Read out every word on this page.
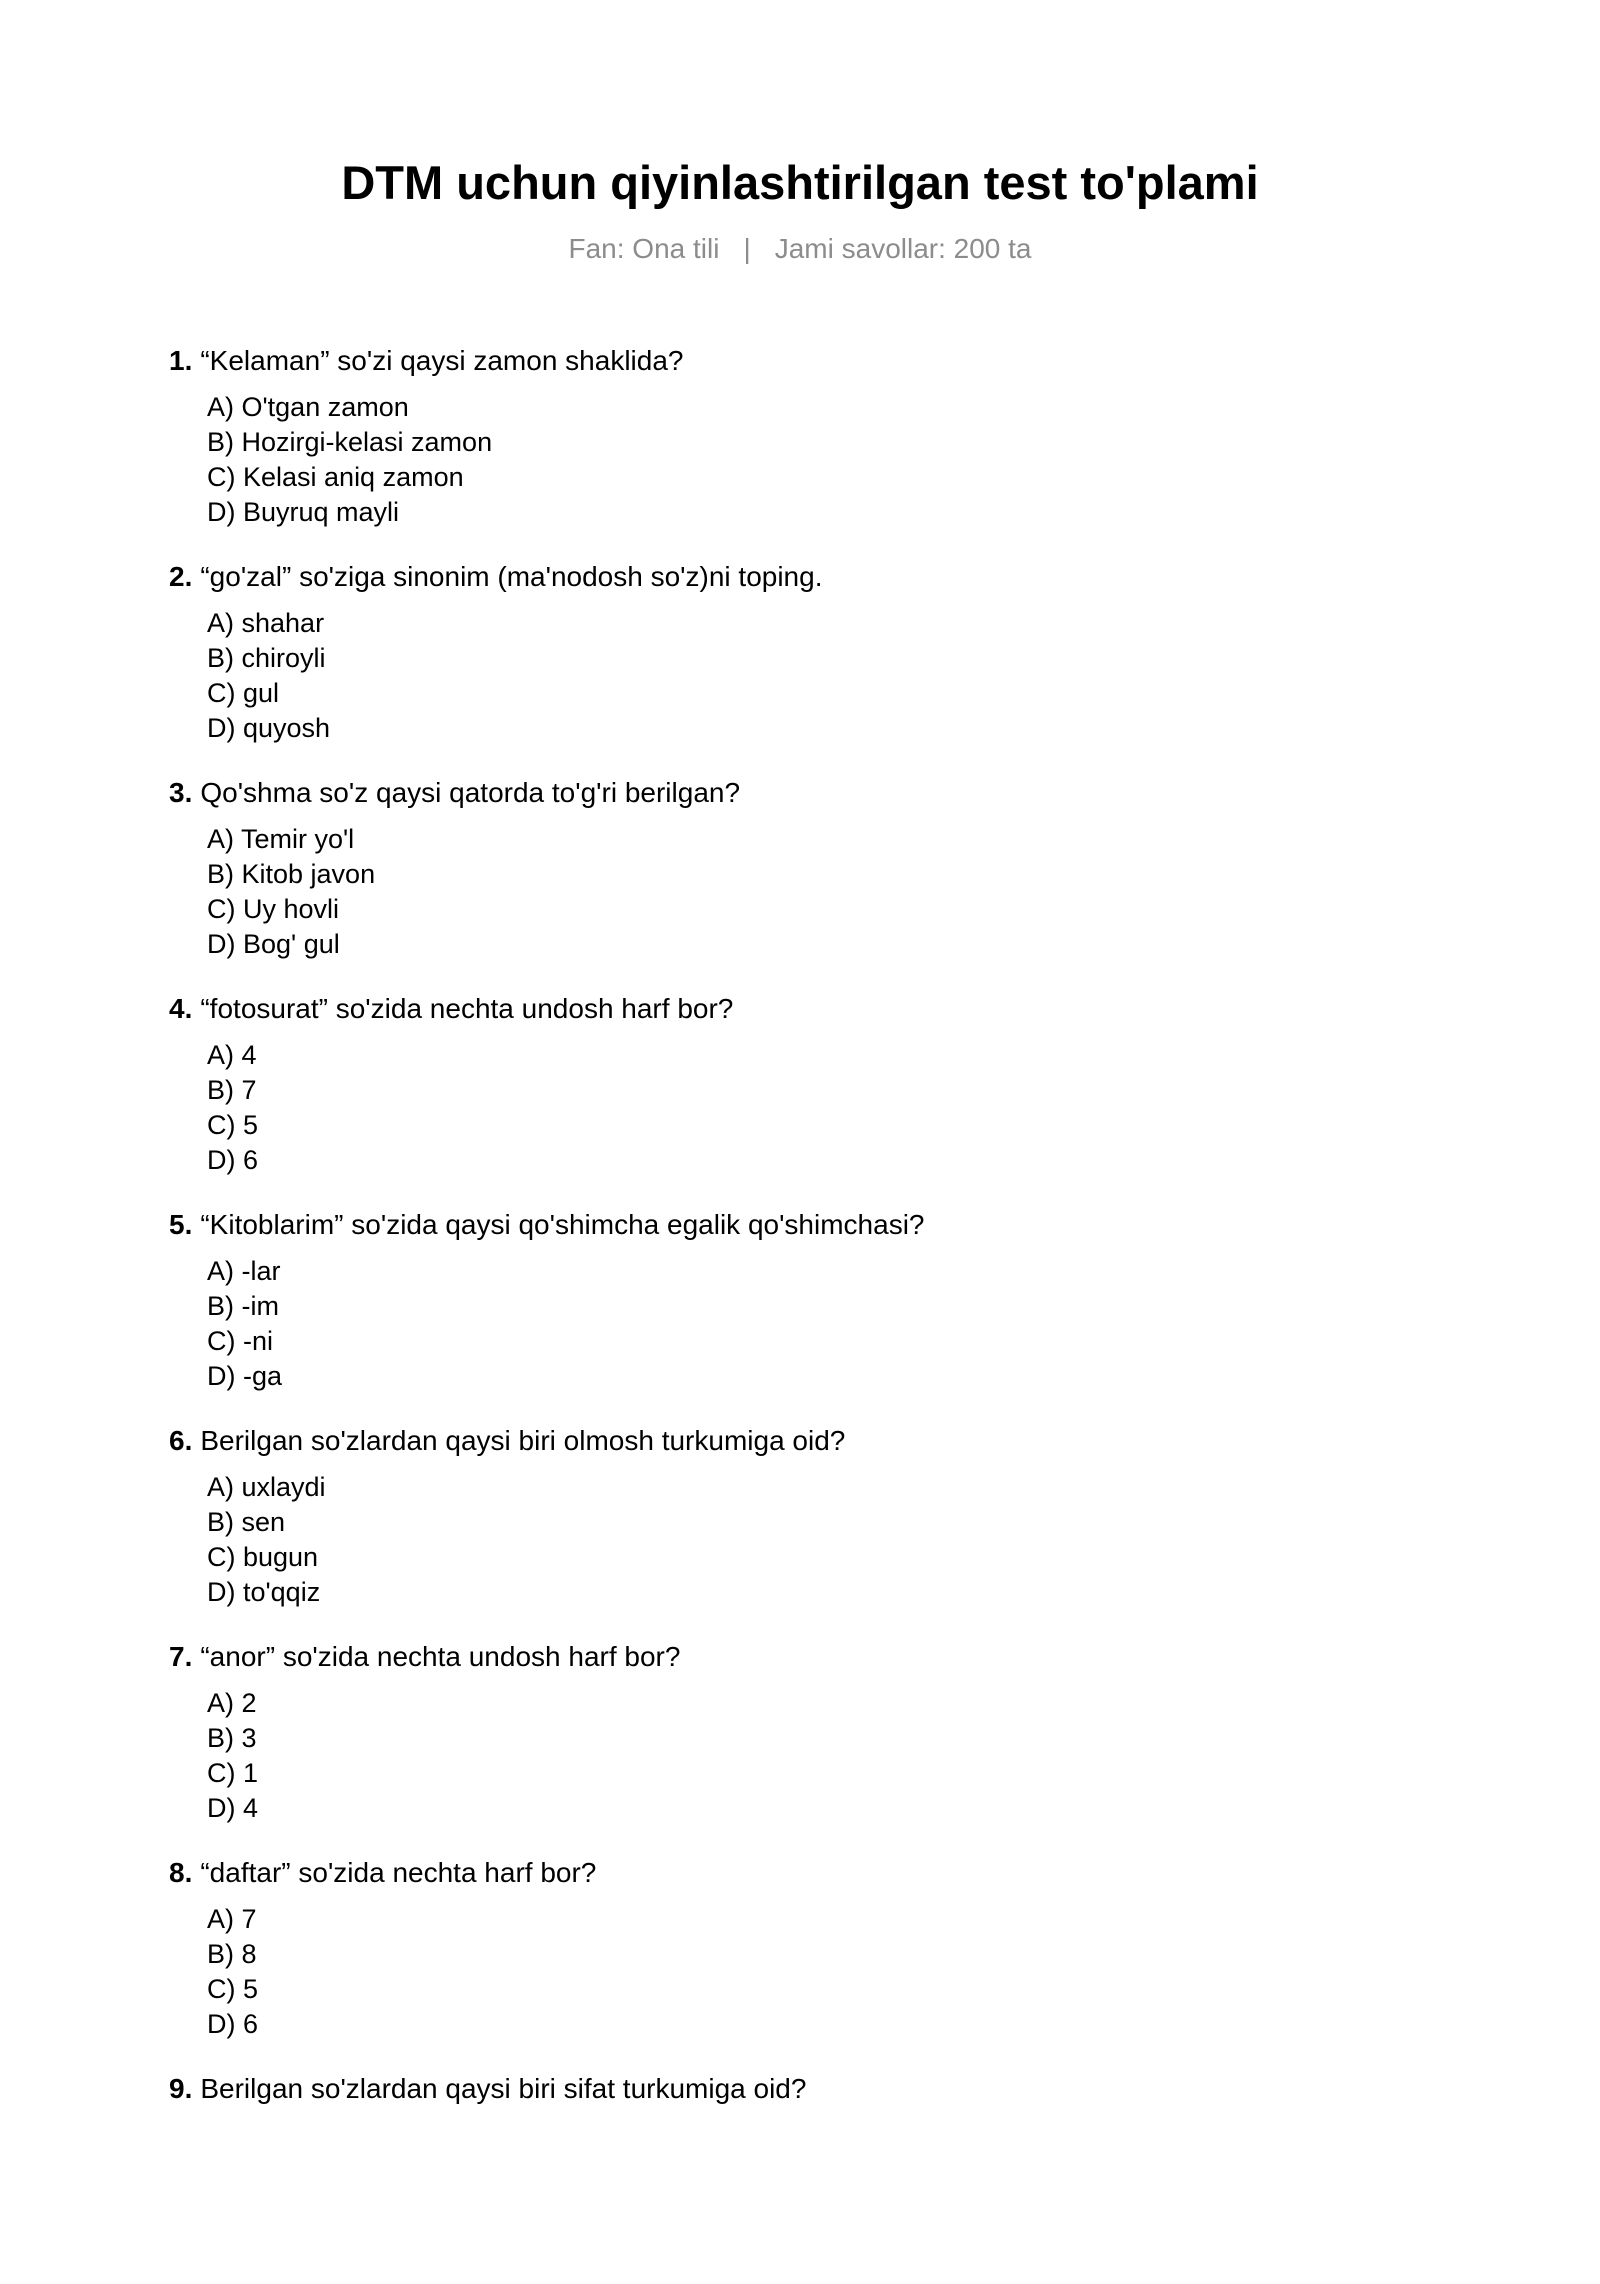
DTM uchun qiyinlashtirilgan test to'plami
Fan: Ona tili | Jami savollar: 200 ta
1. “Kelaman” so'zi qaysi zamon shaklida?
A) O'tgan zamon
B) Hozirgi-kelasi zamon
C) Kelasi aniq zamon
D) Buyruq mayli
2. “go'zal” so'ziga sinonim (ma'nodosh so'z)ni toping.
A) shahar
B) chiroyli
C) gul
D) quyosh
3. Qo'shma so'z qaysi qatorda to'g'ri berilgan?
A) Temir yo'l
B) Kitob javon
C) Uy hovli
D) Bog' gul
4. “fotosurat” so'zida nechta undosh harf bor?
A) 4
B) 7
C) 5
D) 6
5. “Kitoblarim” so'zida qaysi qo'shimcha egalik qo'shimchasi?
A) -lar
B) -im
C) -ni
D) -ga
6. Berilgan so'zlardan qaysi biri olmosh turkumiga oid?
A) uxlaydi
B) sen
C) bugun
D) to'qqiz
7. “anor” so'zida nechta undosh harf bor?
A) 2
B) 3
C) 1
D) 4
8. “daftar” so'zida nechta harf bor?
A) 7
B) 8
C) 5
D) 6
9. Berilgan so'zlardan qaysi biri sifat turkumiga oid?
